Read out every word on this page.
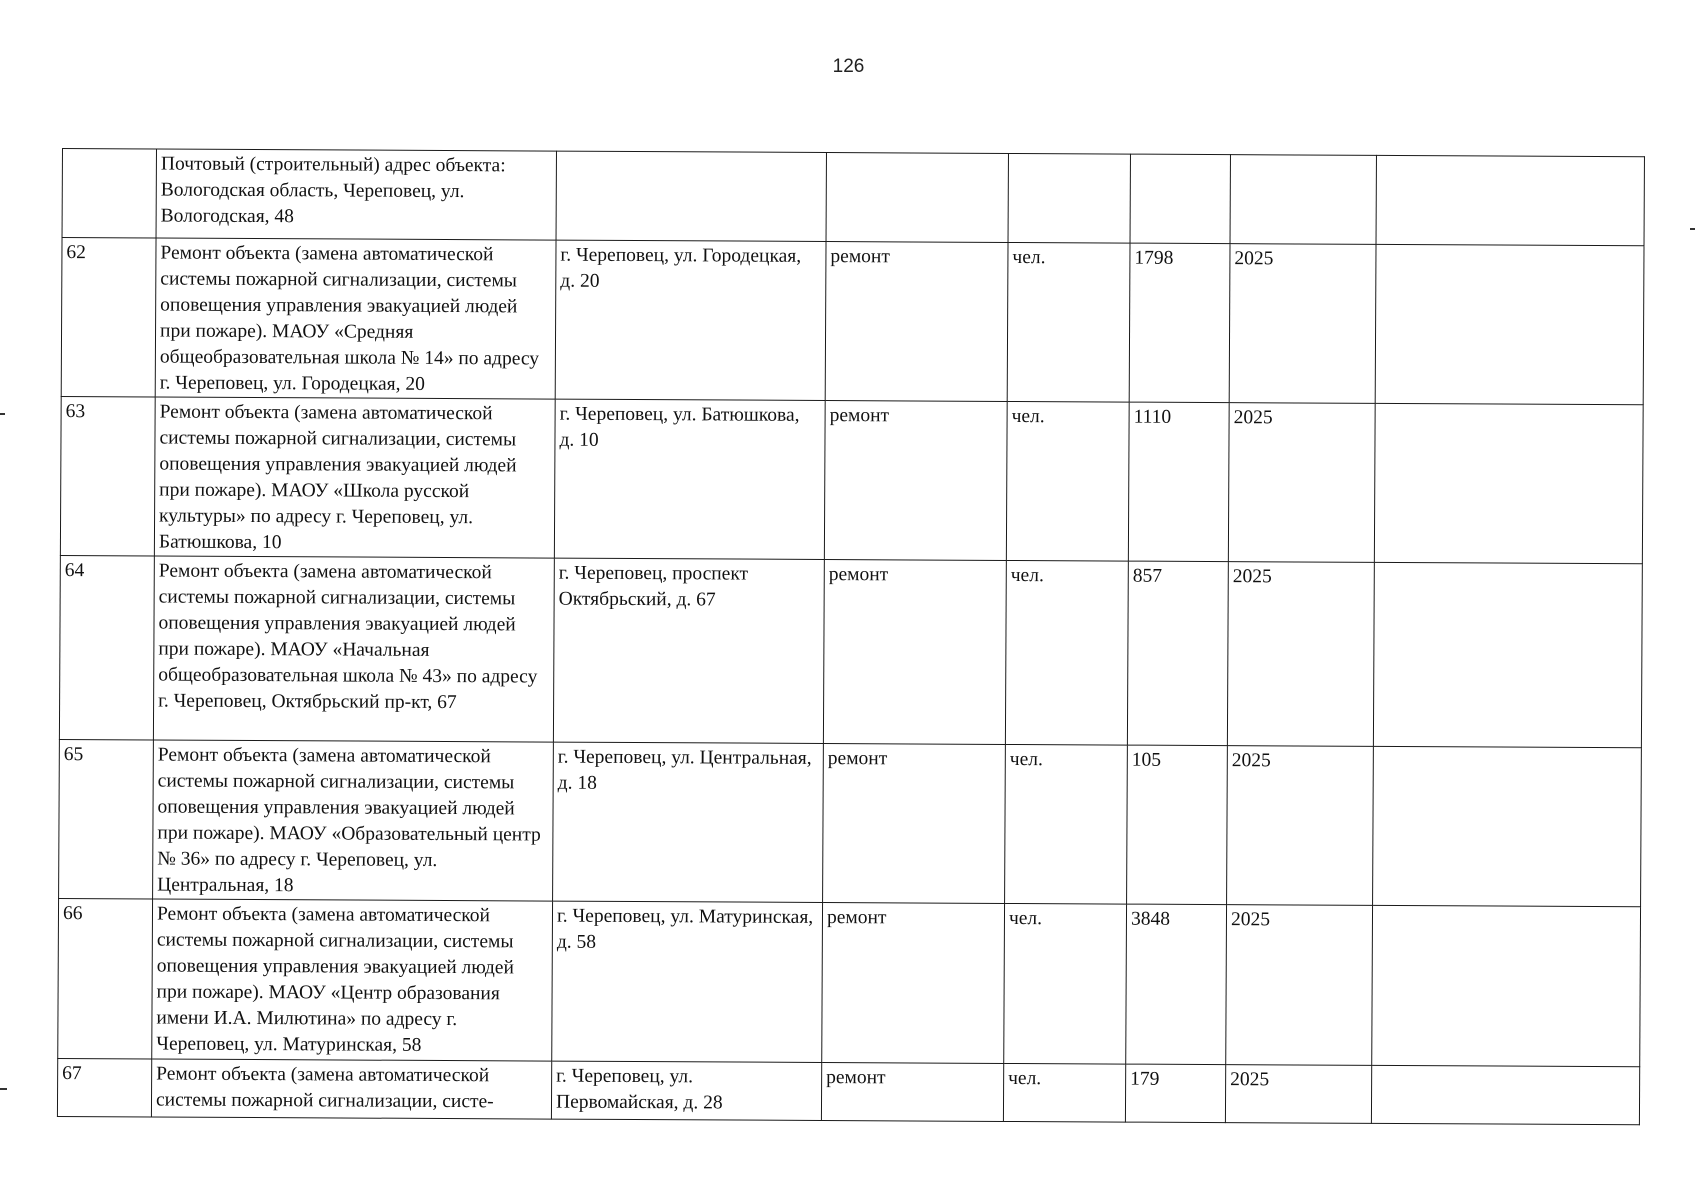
126
	Почтовый (строительный) адрес объекта: Вологодская область, Череповец, ул. Вологодская, 48						
62	Ремонт объекта (замена автоматической системы пожарной сигнализации, системы оповещения управления эвакуацией людей при пожаре). МАОУ «Средняя общеобразовательная школа № 14» по адресу г. Череповец, ул. Городецкая, 20	г. Череповец, ул. Городецкая, д. 20	ремонт	чел.	1798	2025	
63	Ремонт объекта (замена автоматической системы пожарной сигнализации, системы оповещения управления эвакуацией людей при пожаре). МАОУ «Школа русской культуры» по адресу г. Череповец, ул. Батюшкова, 10	г. Череповец, ул. Батюшкова, д. 10	ремонт	чел.	1110	2025	
64	Ремонт объекта (замена автоматической системы пожарной сигнализации, системы оповещения управления эвакуацией людей при пожаре). МАОУ «Начальная общеобразовательная школа № 43» по адресу г. Череповец, Октябрьский пр-кт, 67	г. Череповец, проспект Октябрьский, д. 67	ремонт	чел.	857	2025	
65	Ремонт объекта (замена автоматической системы пожарной сигнализации, системы оповещения управления эвакуацией людей при пожаре). МАОУ «Образовательный центр № 36» по адресу г. Череповец, ул. Центральная, 18	г. Череповец, ул. Центральная, д. 18	ремонт	чел.	105	2025	
66	Ремонт объекта (замена автоматической системы пожарной сигнализации, системы оповещения управления эвакуацией людей при пожаре). МАОУ «Центр образования имени И.А. Милютина» по адресу г. Череповец, ул. Матуринская, 58	г. Череповец, ул. Матуринская, д. 58	ремонт	чел.	3848	2025	
67	Ремонт объекта (замена автоматической системы пожарной сигнализации, систе-	г. Череповец, ул. Первомайская, д. 28	ремонт	чел.	179	2025	
